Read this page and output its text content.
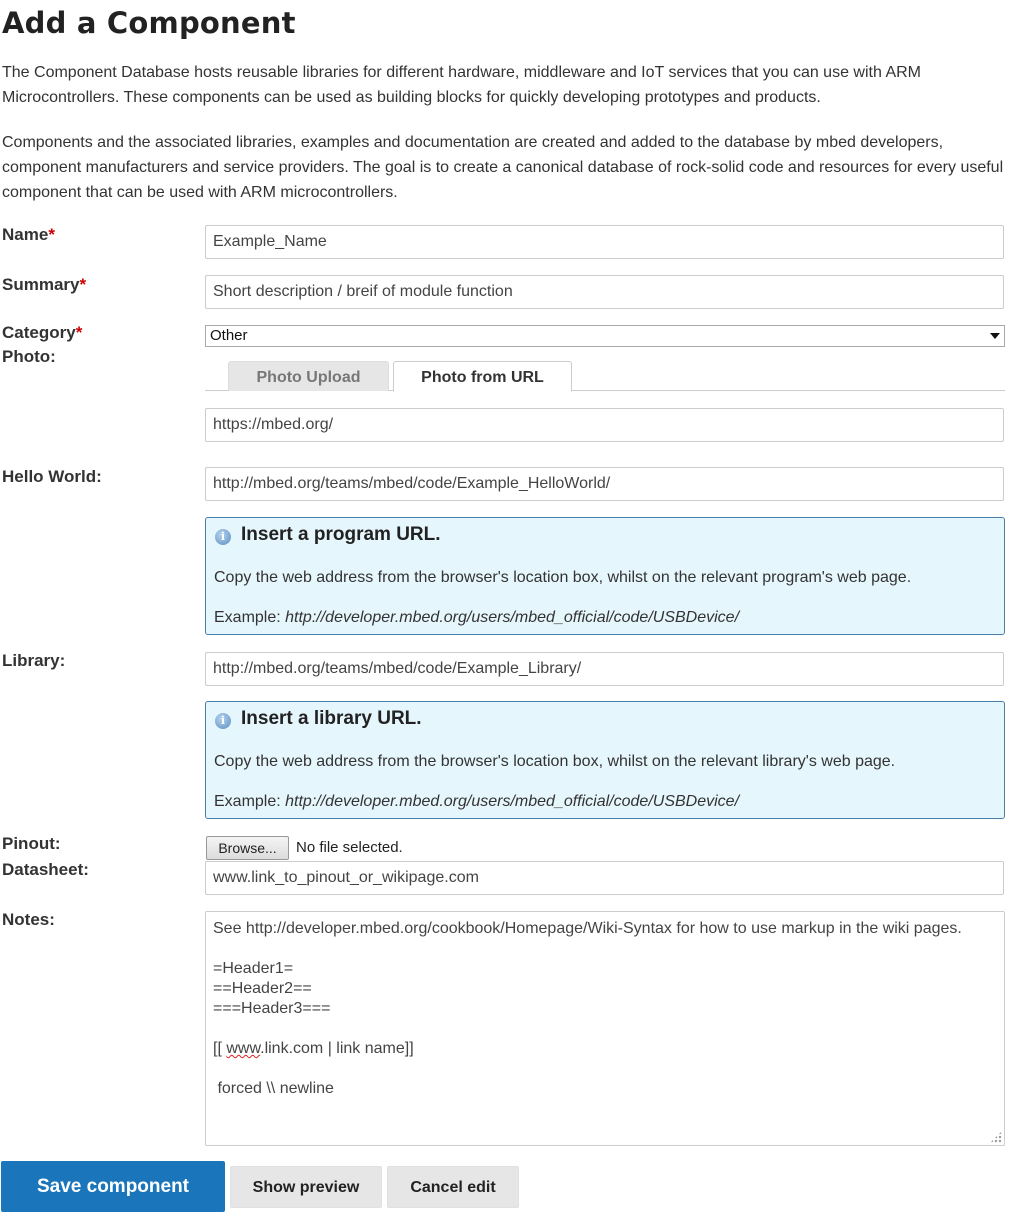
Add a Component

The Component Database hosts reusable libraries for different hardware, middleware and IoT services that you can use with ARM Microcontrollers. These components can be used as building blocks for quickly developing prototypes and products.

Components and the associated libraries, examples and documentation are created and added to the database by mbed developers, component manufacturers and service providers. The goal is to create a canonical database of rock-solid code and resources for every useful component that can be used with ARM microcontrollers.

Name*
Example_Name
Summary*
Short description / breif of module function
Category*	Other
Photo:
Photo Upload	Photo from URL
https://mbed.org/
Hello World:
http://mbed.org/teams/mbed/code/Example_HelloWorld/
i Insert a program URL.
Copy the web address from the browser's location box, whilst on the relevant program's web page.
Example: http://developer.mbed.org/users/mbed_official/code/USBDevice/
Library:
http://mbed.org/teams/mbed/code/Example_Library/
i Insert a library URL.
Copy the web address from the browser's location box, whilst on the relevant library's web page.
Example: http://developer.mbed.org/users/mbed_official/code/USBDevice/
Pinout:	Browse...	No file selected.
Datasheet:
www.link_to_pinout_or_wikipage.com
Notes:	See http://developer.mbed.org/cookbook/Homepage/Wiki-Syntax for how to use markup in the wiki pages.
=Header1=
==Header2==
===Header3===
[[ www.link.com | link name]]
forced \\ newline
Save component	Show preview	Cancel edit
